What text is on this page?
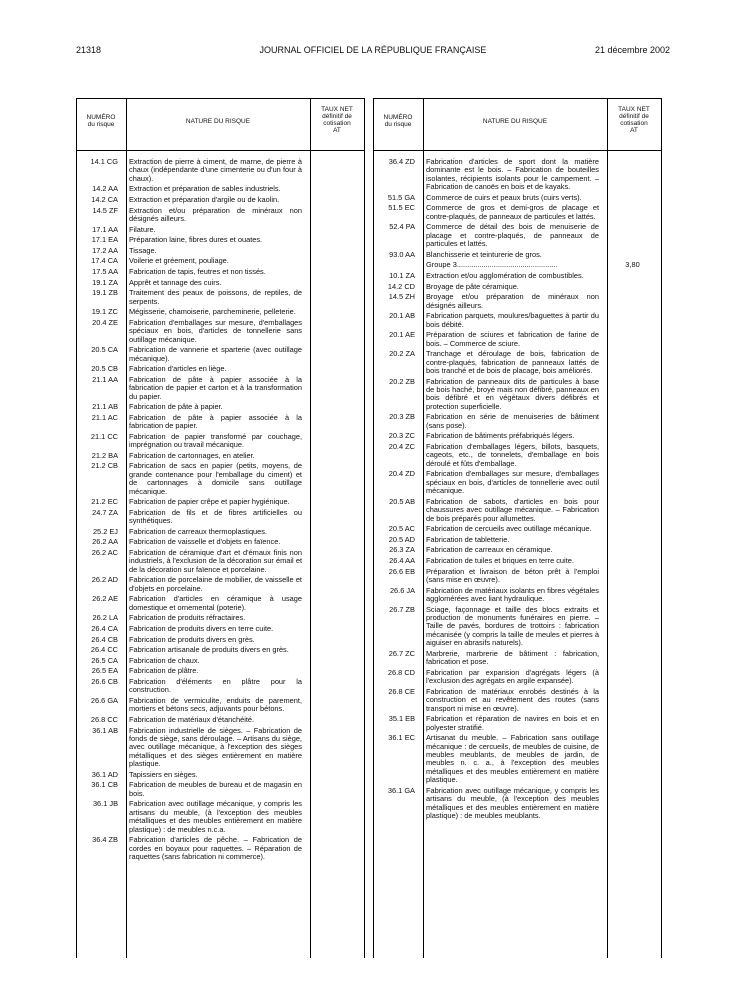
21318	JOURNAL OFFICIEL DE LA RÉPUBLIQUE FRANÇAISE	21 décembre 2002
NUMÉRO
du risque	NATURE DU RISQUE
TAUX NET
définitif de
cotisation
AT
14.1 CG	Extraction de pierre à ciment, de marne, de pierre à chaux (indépendante d'une cimenterie ou d'un four à chaux).
14.2 AA	Extraction et préparation de sables industriels.
14.2 CA	Extraction et préparation d'argile ou de kaolin.
14.5 ZF	Extraction et/ou préparation de minéraux non désignés ailleurs.
17.1 AA	Filature.
17.1 EA	Préparation laine, fibres dures et ouates.
17.2 AA	Tissage.
17.4 CA	Voilerie et gréement, pouliage.
17.5 AA	Fabrication de tapis, feutres et non tissés.
19.1 ZA	Apprêt et tannage des cuirs.
19.1 ZB	Traitement des peaux de poissons, de reptiles, de serpents.
19.1 ZC	Mégisserie, chamoiserie, parcheminerie, pelleterie.
20.4 ZE	Fabrication d'emballages sur mesure, d'emballages spéciaux en bois, d'articles de tonnellerie sans outillage mécanique.
20.5 CA	Fabrication de vannerie et sparterie (avec outillage mécanique).
20.5 CB	Fabrication d'articles en liège.
21.1 AA	Fabrication de pâte à papier associée à la fabrication de papier et carton et à la transformation du papier.
21.1 AB	Fabrication de pâte à papier.
21.1 AC	Fabrication de pâte à papier associée à la fabrication de papier.
21.1 CC	Fabrication de papier transformé par couchage, imprégnation ou travail mécanique.
21.2 BA	Fabrication de cartonnages, en atelier.
21.2 CB	Fabrication de sacs en papier (petits, moyens, de grande contenance pour l'emballage du ciment) et de cartonnages à domicile sans outillage mécanique.
21.2 EC	Fabrication de papier crêpe et papier hygiénique.
24.7 ZA	Fabrication de fils et de fibres artificielles ou synthétiques.
25.2 EJ	Fabrication de carreaux thermoplastiques.
26.2 AA	Fabrication de vaisselle et d'objets en faïence.
26.2 AC	Fabrication de céramique d'art et d'émaux finis non industriels, à l'exclusion de la décoration sur émail et de la décoration sur faïence et porcelaine.
26.2 AD	Fabrication de porcelaine de mobilier, de vaisselle et d'objets en porcelaine.
26.2 AE	Fabrication d'articles en céramique à usage domestique et ornemental (poterie).
26.2 LA	Fabrication de produits réfractaires.
26.4 CA	Fabrication de produits divers en terre cuite.
26.4 CB	Fabrication de produits divers en grès.
26.4 CC	Fabrication artisanale de produits divers en grès.
26.5 CA	Fabrication de chaux.
26.5 EA	Fabrication de plâtre.
26.6 CB	Fabrication d'éléments en plâtre pour la construction.
26.6 GA	Fabrication de vermiculite, enduits de parement, mortiers et bétons secs, adjuvants pour bétons.
26.8 CC	Fabrication de matériaux d'étanchéité.
36.1 AB	Fabrication industrielle de sièges. – Fabrication de fonds de siège, sans déroulage. – Artisans du siège, avec outillage mécanique, à l'exception des sièges métalliques et des sièges entièrement en matière plastique.
36.1 AD	Tapissiers en sièges.
36.1 CB	Fabrication de meubles de bureau et de magasin en bois.
36.1 JB	Fabrication avec outillage mécanique, y compris les artisans du meuble, (à l'exception des meubles métalliques et des meubles entièrement en matière plastique) : de meubles n.c.a.
36.4 ZB	Fabrication d'articles de pêche. – Fabrication de cordes en boyaux pour raquettes. – Réparation de raquettes (sans fabrication ni commerce).
NUMÉRO
du risque	NATURE DU RISQUE
TAUX NET
définitif de
cotisation
AT
36.4 ZD	Fabrication d'articles de sport dont la matière dominante est le bois. – Fabrication de bouteilles isolantes, récipients isolants pour le campement. – Fabrication de canoës en bois et de kayaks.
51.5 GA	Commerce de cuirs et peaux bruts (cuirs verts).
51.5 EC	Commerce de gros et demi-gros de placage et contre-plaqués, de panneaux de particules et lattés.
52.4 PA	Commerce de détail des bois de menuiserie de placage et contre-plaqués, de panneaux de particules et lattés.
93.0 AA	Blanchisserie et teinturerie de gros.
Groupe 3.................................................	3,80
10.1 ZA	Extraction et/ou agglomération de combustibles.
14.2 CD	Broyage de pâte céramique.
14.5 ZH	Broyage et/ou préparation de minéraux non désignés ailleurs.
20.1 AB	Fabrication parquets, moulures/baguettes à partir du bois débité.
20.1 AE	Préparation de sciures et fabrication de farine de bois. – Commerce de sciure.
20.2 ZA	Tranchage et déroulage de bois, fabrication de contre-plaqués, fabrication de panneaux lattés de bois tranché et de bois de placage, bois améliorés.
20.2 ZB	Fabrication de panneaux dits de particules à base de bois haché, broyé mais non défibré, panneaux en bois défibré et en végétaux divers défibrés et protection superficielle.
20.3 ZB	Fabrication en série de menuiseries de bâtiment (sans pose).
20.3 ZC	Fabrication de bâtiments préfabriqués légers.
20.4 ZC	Fabrication d'emballages légers, billots, basquets, cageots, etc., de tonnelets, d'emballage en bois déroulé et fûts d'emballage.
20.4 ZD	Fabrication d'emballages sur mesure, d'emballages spéciaux en bois, d'articles de tonnellerie avec outil mécanique.
20.5 AB	Fabrication de sabots, d'articles en bois pour chaussures avec outillage mécanique. – Fabrication de bois préparés pour allumettes.
20.5 AC	Fabrication de cercueils avec outillage mécanique.
20.5 AD	Fabrication de tabletterie.
26.3 ZA	Fabrication de carreaux en céramique.
26.4 AA	Fabrication de tuiles et briques en terre cuite.
26.6 EB	Préparation et livraison de béton prêt à l'emploi (sans mise en œuvre).
26.6 JA	Fabrication de matériaux isolants en fibres végétales agglomérées avec liant hydraulique.
26.7 ZB	Sciage, façonnage et taille des blocs extraits et production de monuments funéraires en pierre. – Taille de pavés, bordures de trottoirs : fabrication mécanisée (y compris la taille de meules et pierres à aiguiser en abrasifs naturels).
26.7 ZC	Marbrerie, marbrerie de bâtiment : fabrication, fabrication et pose.
26.8 CD	Fabrication par expansion d'agrégats légers (à l'exclusion des agrégats en argile expansée).
26.8 CE	Fabrication de matériaux enrobés destinés à la construction et au revêtement des routes (sans transport ni mise en œuvre).
35.1 EB	Fabrication et réparation de navires en bois et en polyester stratifié.
36.1 EC	Artisanat du meuble. – Fabrication sans outillage mécanique : de cercueils, de meubles de cuisine, de meubles meublants, de meubles de jardin, de meubles n. c. a., à l'exception des meubles métalliques et des meubles entièrement en matière plastique.
36.1 GA	Fabrication avec outillage mécanique, y compris les artisans du meuble, (à l'exception des meubles métalliques et des meubles entièrement en matière plastique) : de meubles meublants.
